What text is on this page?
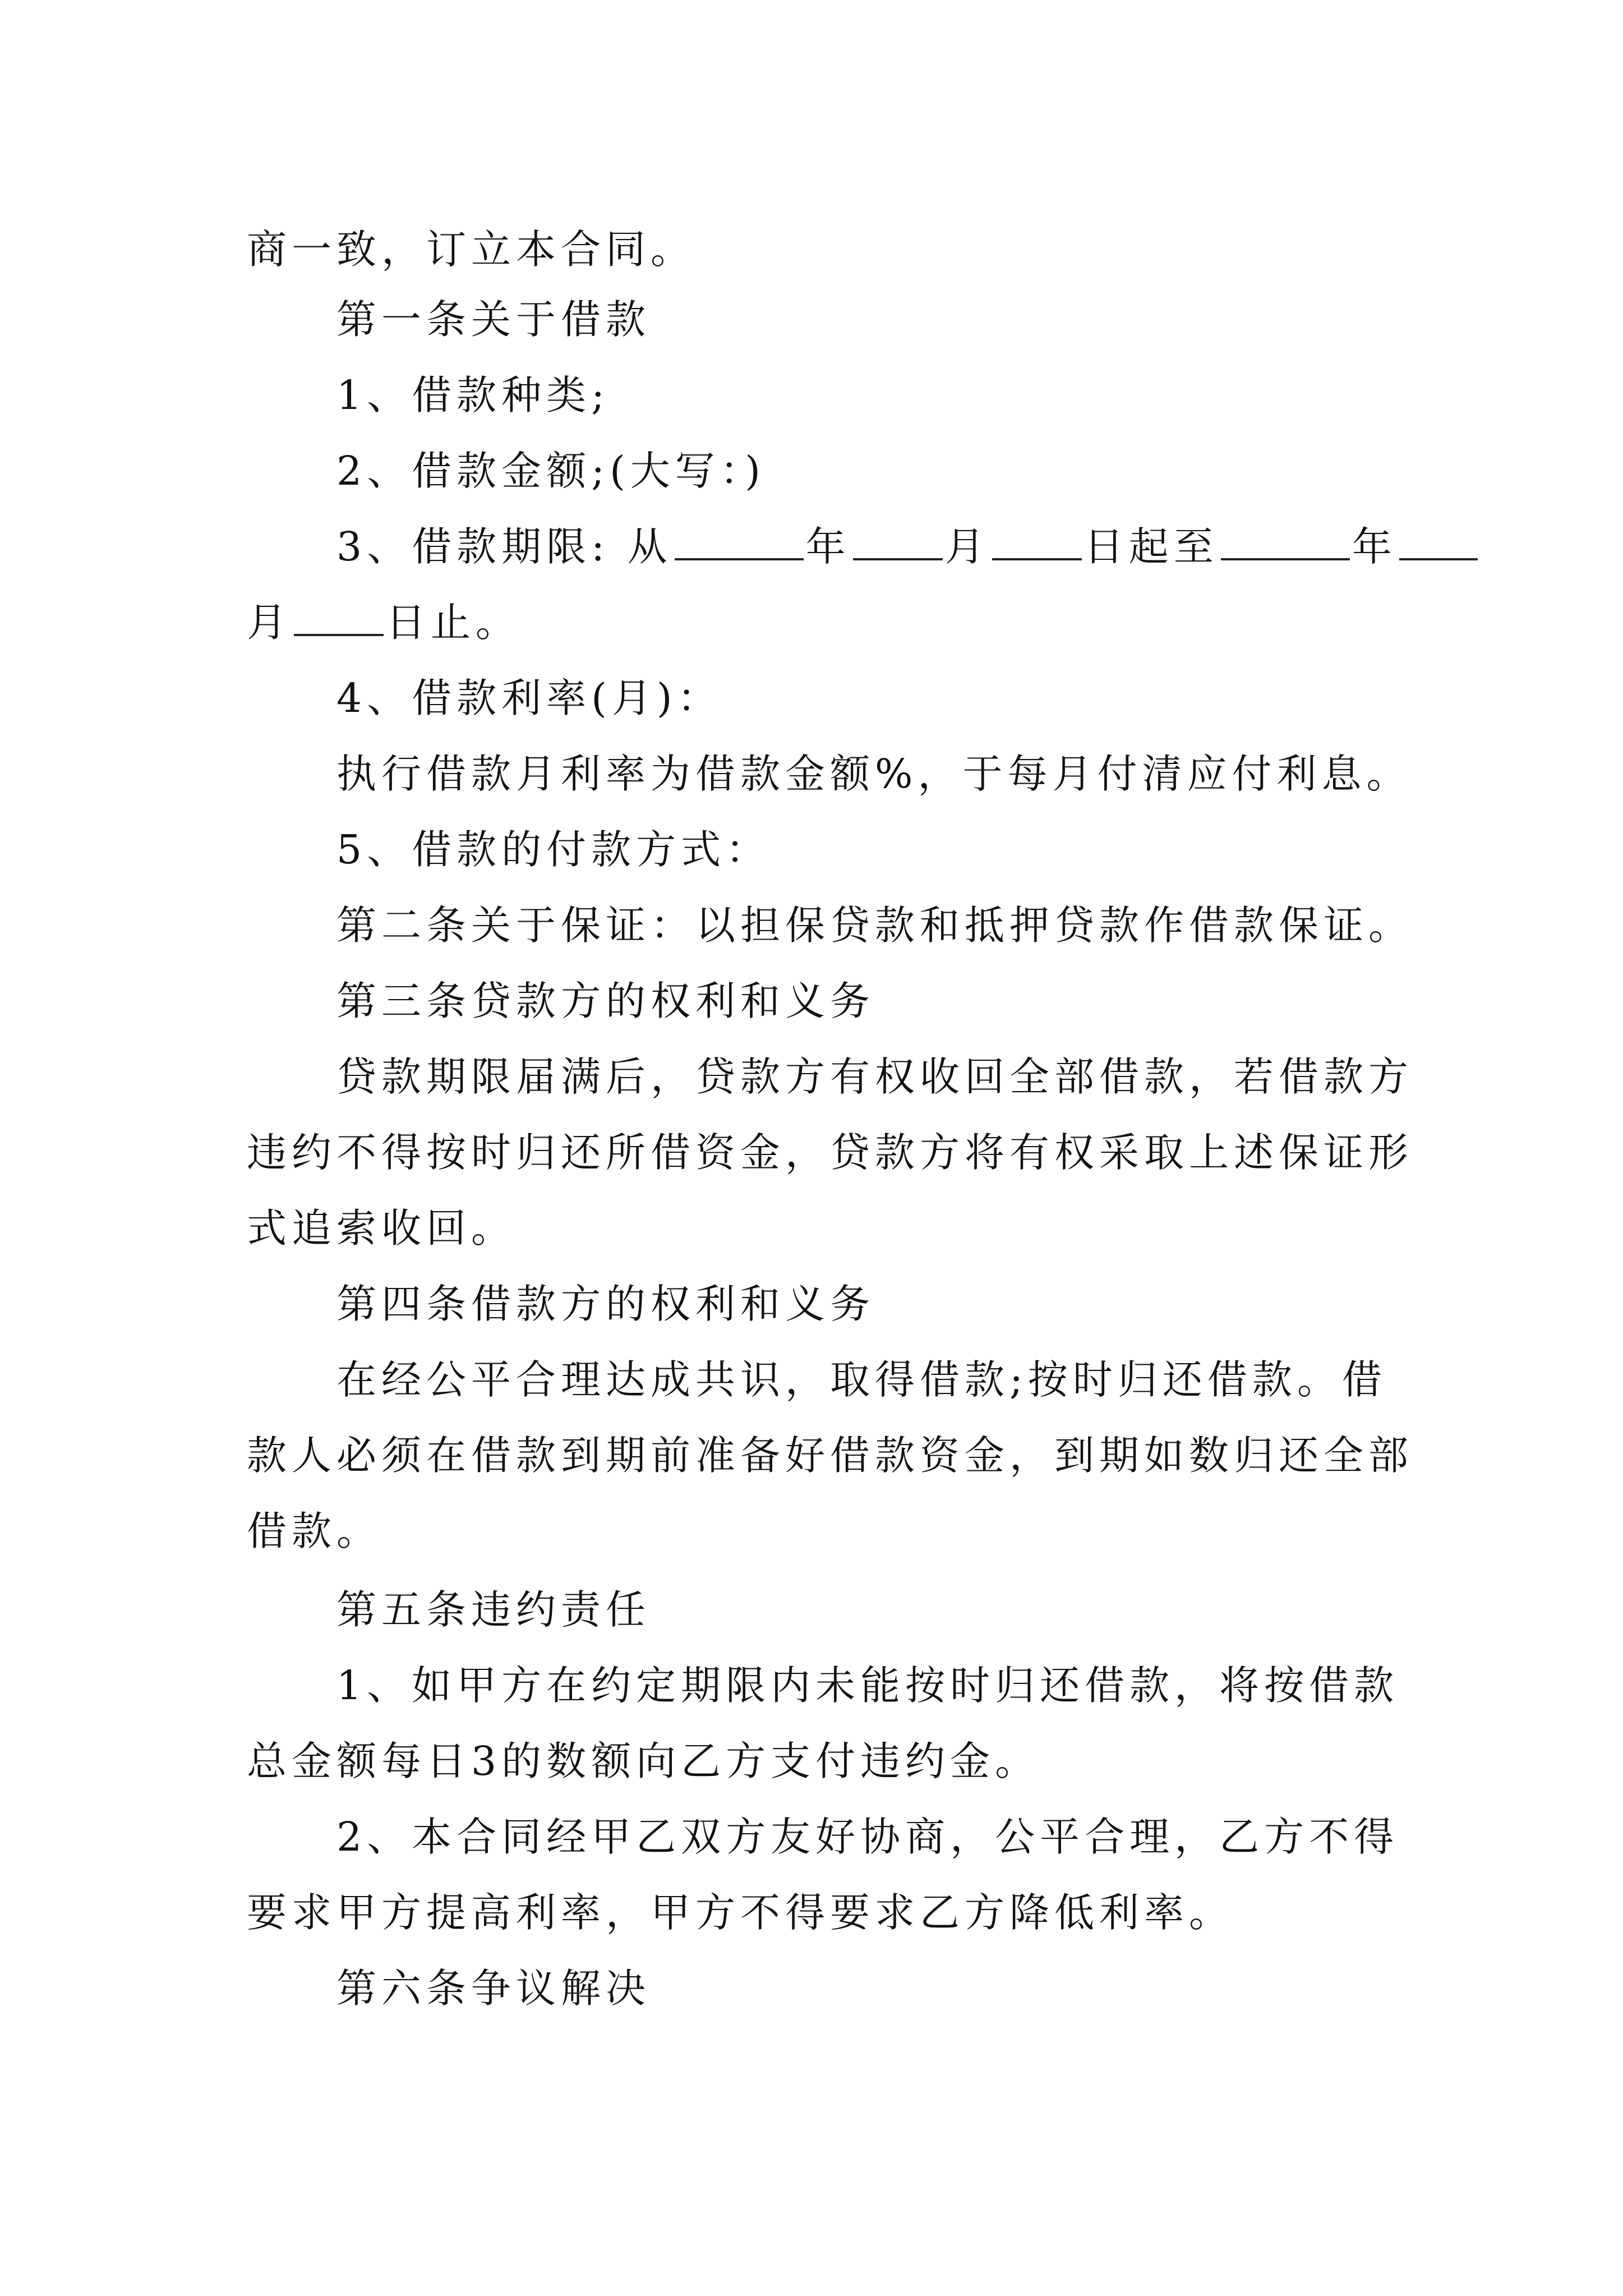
商一致，订立本合同。

第一条关于借款

1、借款种类;

2、借款金额;(大写：)

3、借款期限: 从	年 月 日起至	年

月 日止。

4、借款利率(月)：

执行借款月利率为借款金额%，于每月付清应付利息。

5、借款的付款方式：

第二条关于保证：以担保贷款和抵押贷款作借款保证。

第三条贷款方的权利和义务

贷款期限届满后，贷款方有权收回全部借款，若借款方

违约不得按时归还所借资金，贷款方将有权采取上述保证形

式追索收回。

第四条借款方的权利和义务

在经公平合理达成共识，取得借款;按时归还借款。借

款人必须在借款到期前准备好借款资金，到期如数归还全部

借款。

第五条违约责任

1、如甲方在约定期限内未能按时归还借款，将按借款

总金额每日3的数额向乙方支付违约金。

2、本合同经甲乙双方友好协商，公平合理，乙方不得

要求甲方提高利率，甲方不得要求乙方降低利率。

第六条争议解决
